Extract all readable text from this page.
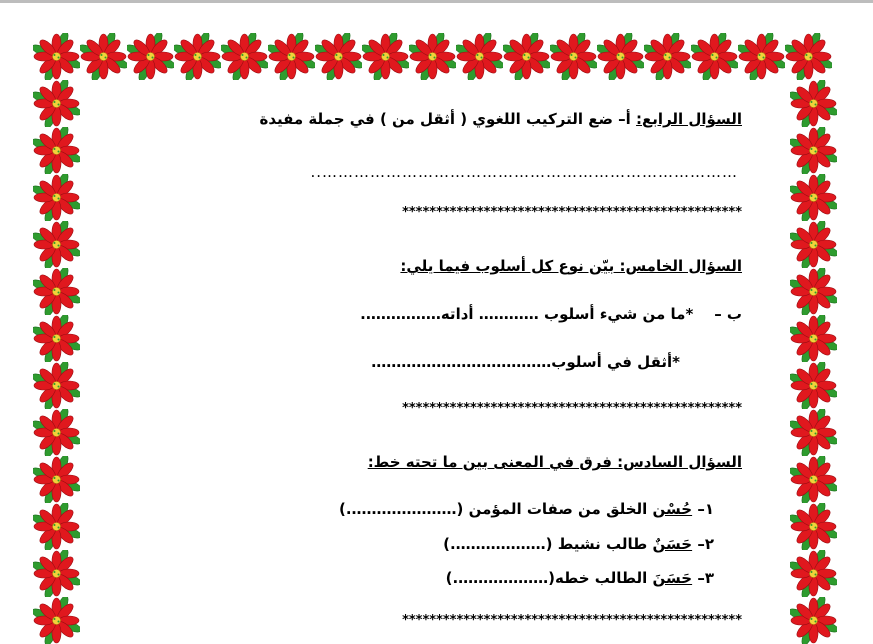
السؤال الرابع: أ– ضع التركيب اللغوي ( أثقل من ) في جملة مفيدة
……………………………………………………………………..
**************************************************
السؤال الخامس: بيّن نوع كل أسلوب فيما يلي:
ب –    *ما من شيء أسلوب ………… أداته…………….
*أثقل في أسلوب………………………………
**************************************************
السؤال السادس: فرق في المعنى بين ما تحته خط:
١– حُسْن الخلق من صفات المؤمن (………………….)
٢– حَسَنٌ طالب نشيط (……………….)
٣– حَسَنَ الطالب خطه(……………….)
**************************************************
